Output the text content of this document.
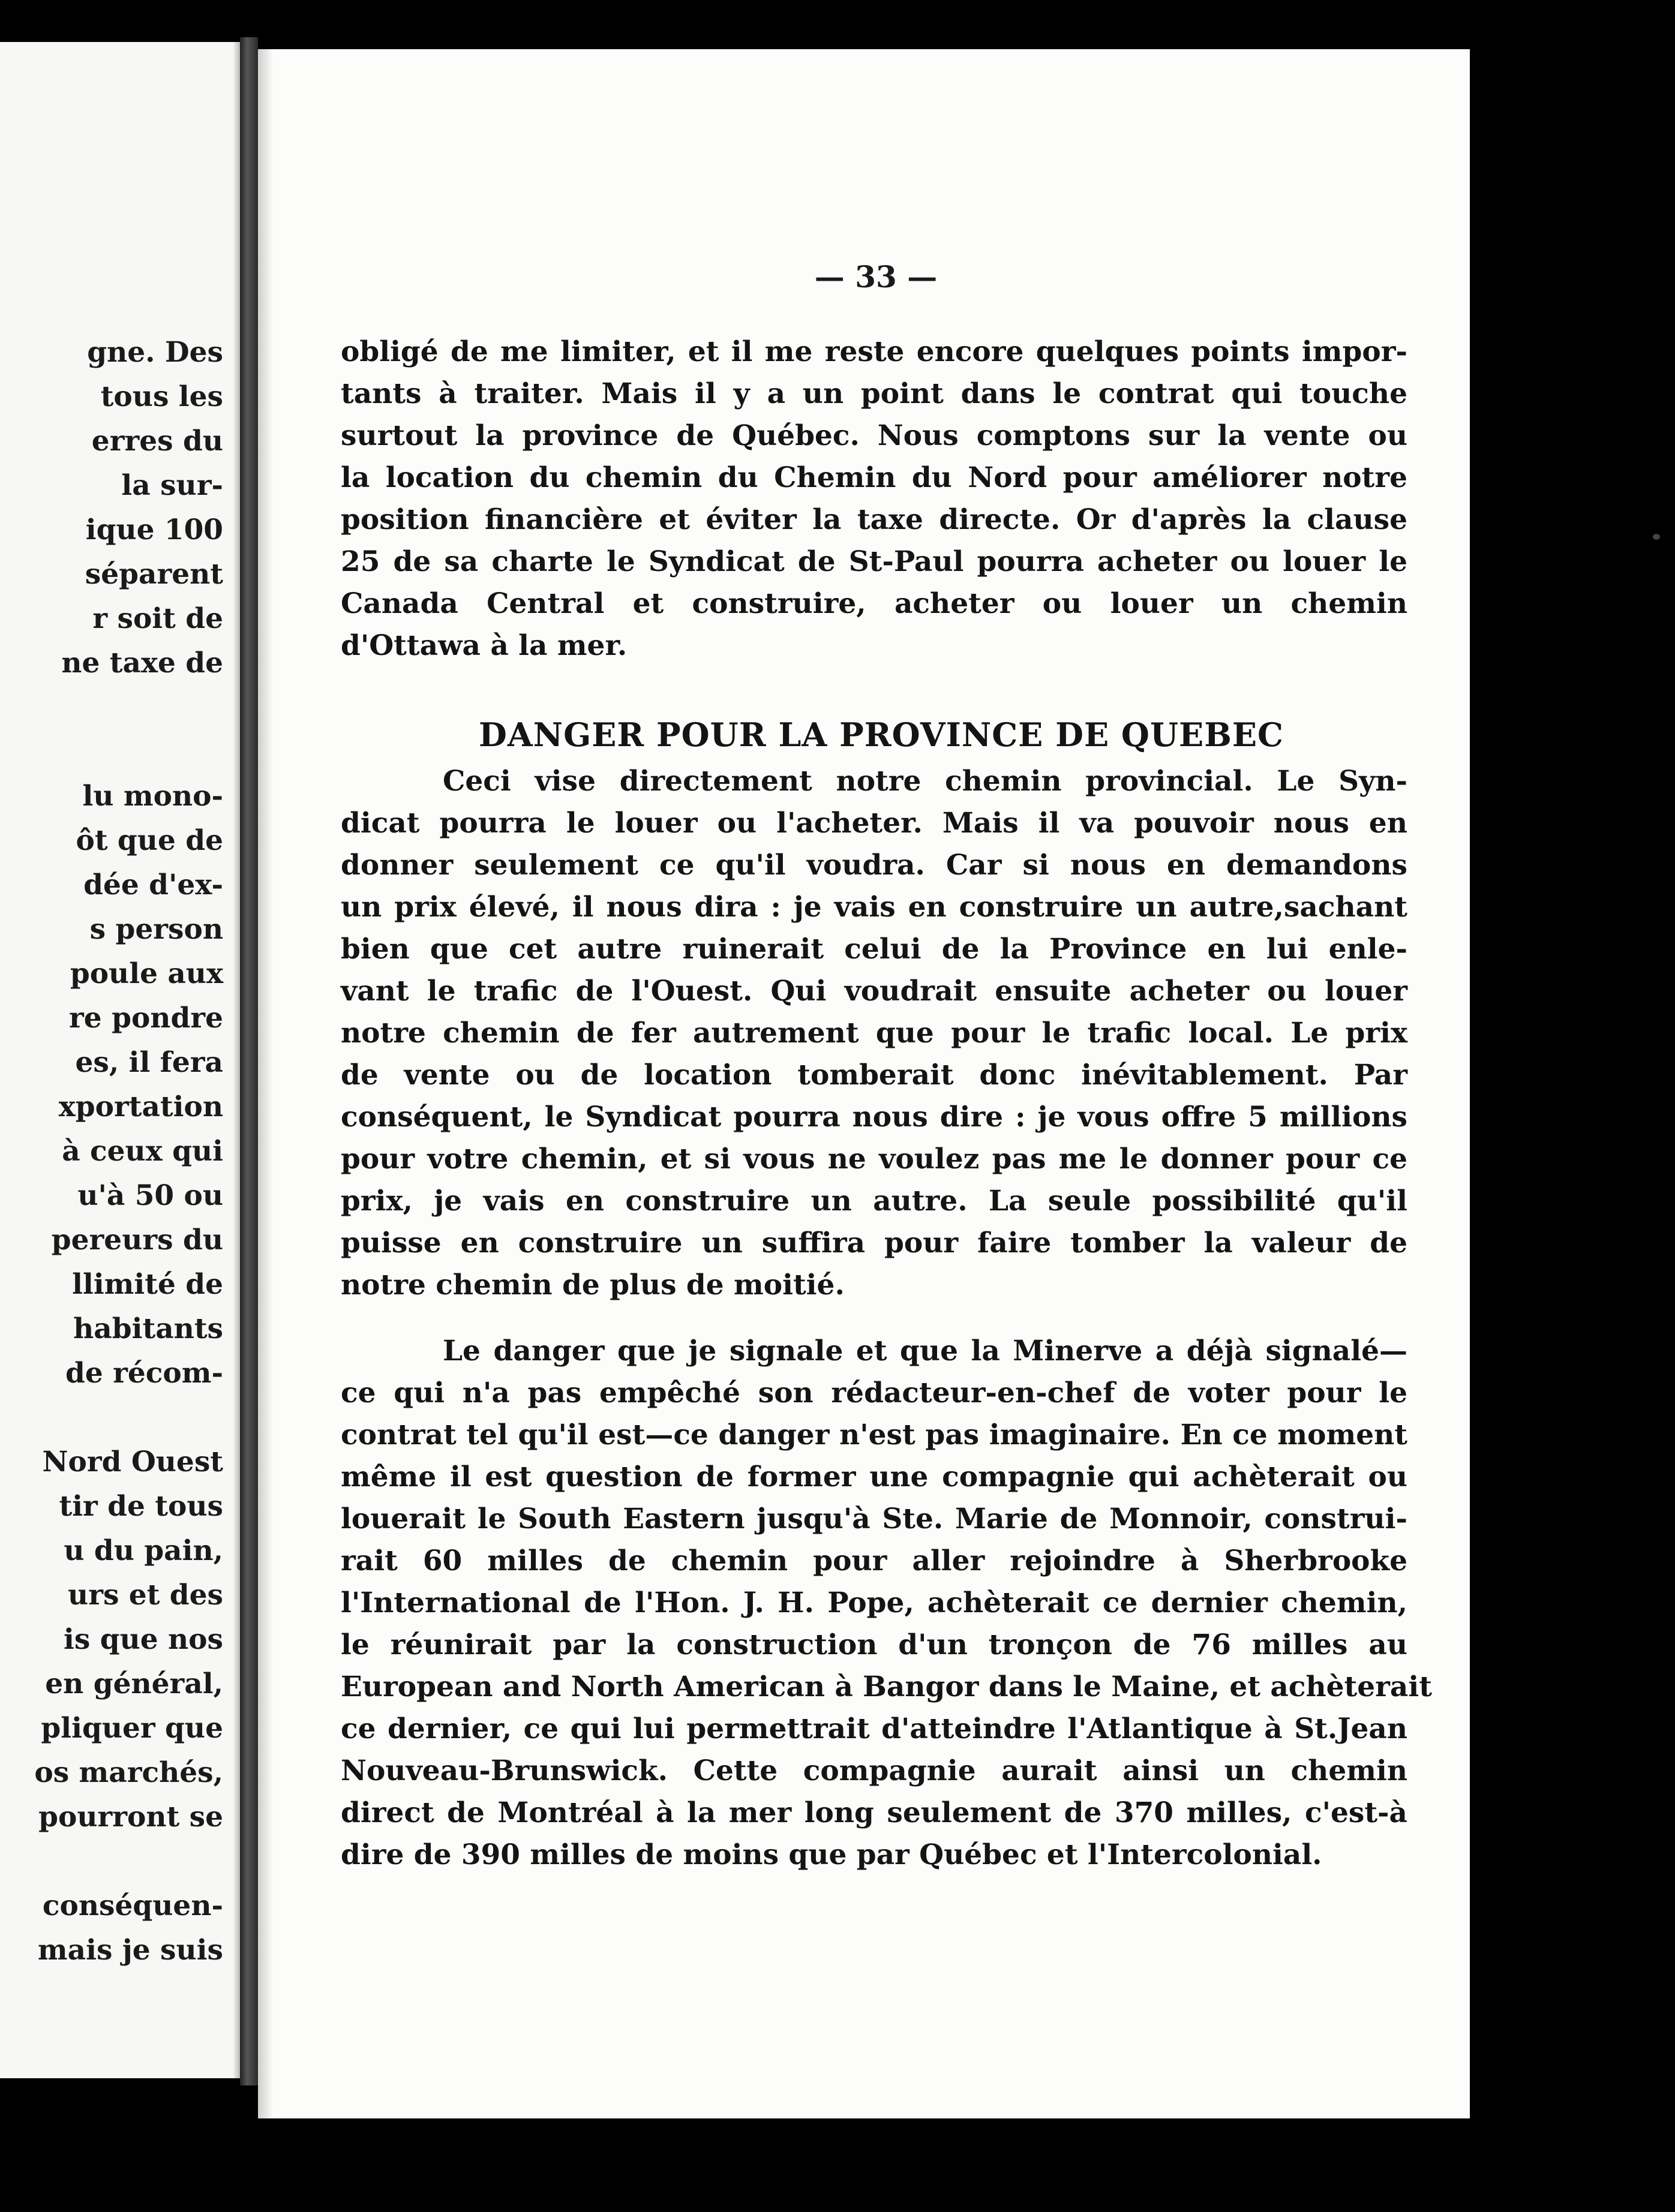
gne. Des
tous les
erres du
la sur-
ique 100
séparent
r soit de
ne taxe de
lu mono-
ôt que de
dée d'ex-
s person
poule aux
re pondre
es, il fera
xportation
à ceux qui
u'à 50 ou
pereurs du
llimité de
habitants
de récom-
Nord Ouest
tir de tous
u du pain,
urs et des
is que nos
en général,
pliquer que
os marchés,
pourront se
conséquen-
mais je suis
— 33 —
obligé de me limiter, et il me reste encore quelques points impor-
tants à traiter. Mais il y a un point dans le contrat qui touche
surtout la province de Québec. Nous comptons sur la vente ou
la location du chemin du Chemin du Nord pour améliorer notre
position financière et éviter la taxe directe. Or d'après la clause
25 de sa charte le Syndicat de St-Paul pourra acheter ou louer le
Canada Central et construire, acheter ou louer un chemin
d'Ottawa à la mer.
DANGER POUR LA PROVINCE DE QUEBEC
Ceci vise directement notre chemin provincial. Le Syn-
dicat pourra le louer ou l'acheter. Mais il va pouvoir nous en
donner seulement ce qu'il voudra. Car si nous en demandons
un prix élevé, il nous dira : je vais en construire un autre,sachant
bien que cet autre ruinerait celui de la Province en lui enle-
vant le trafic de l'Ouest. Qui voudrait ensuite acheter ou louer
notre chemin de fer autrement que pour le trafic local. Le prix
de vente ou de location tomberait donc inévitablement. Par
conséquent, le Syndicat pourra nous dire : je vous offre 5 millions
pour votre chemin, et si vous ne voulez pas me le donner pour ce
prix, je vais en construire un autre. La seule possibilité qu'il
puisse en construire un suffira pour faire tomber la valeur de
notre chemin de plus de moitié.
Le danger que je signale et que la Minerve a déjà signalé—
ce qui n'a pas empêché son rédacteur-en-chef de voter pour le
contrat tel qu'il est—ce danger n'est pas imaginaire. En ce moment
même il est question de former une compagnie qui achèterait ou
louerait le South Eastern jusqu'à Ste. Marie de Monnoir, construi-
rait 60 milles de chemin pour aller rejoindre à Sherbrooke
l'International de l'Hon. J. H. Pope, achèterait ce dernier chemin,
le réunirait par la construction d'un tronçon de 76 milles au
European and North American à Bangor dans le Maine, et achèterait
ce dernier, ce qui lui permettrait d'atteindre l'Atlantique à St.Jean
Nouveau-Brunswick. Cette compagnie aurait ainsi un chemin
direct de Montréal à la mer long seulement de 370 milles, c'est-à
dire de 390 milles de moins que par Québec et l'Intercolonial.
